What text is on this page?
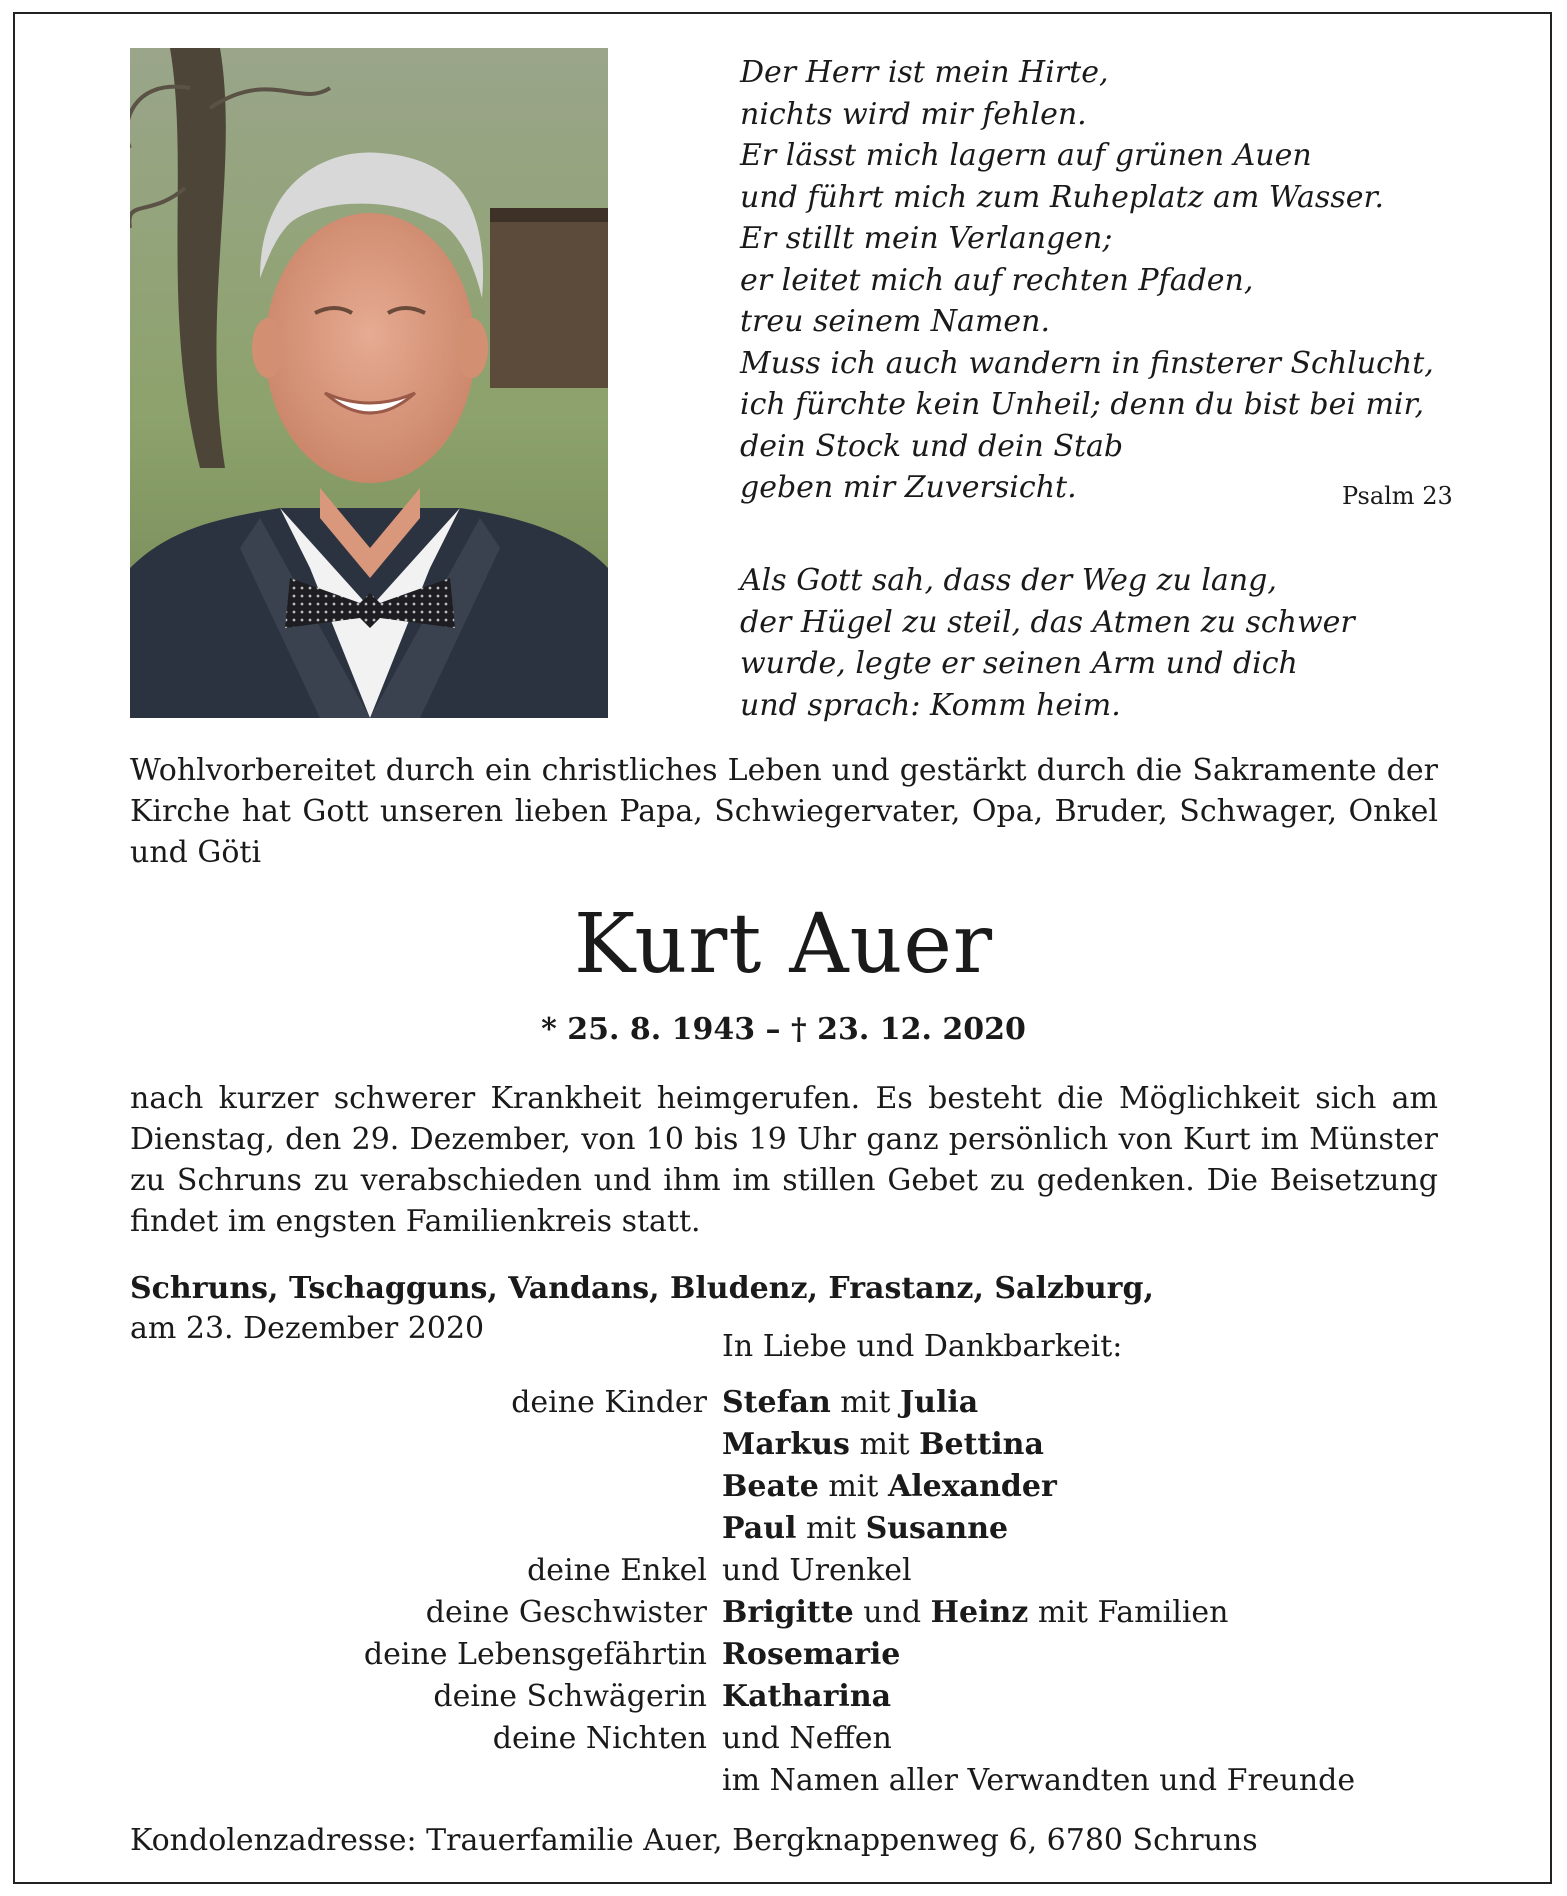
Der Herr ist mein Hirte,
nichts wird mir fehlen.
Er lässt mich lagern auf grünen Auen
und führt mich zum Ruheplatz am Wasser.
Er stillt mein Verlangen;
er leitet mich auf rechten Pfaden,
treu seinem Namen.
Muss ich auch wandern in finsterer Schlucht,
ich fürchte kein Unheil; denn du bist bei mir,
dein Stock und dein Stab
geben mir Zuversicht.	Psalm 23
Als Gott sah, dass der Weg zu lang,
der Hügel zu steil, das Atmen zu schwer
wurde, legte er seinen Arm und dich
und sprach: Komm heim.
Wohlvorbereitet durch ein christliches Leben und gestärkt durch die Sakramente der Kirche hat Gott unseren lieben Papa, Schwiegervater, Opa, Bruder, Schwager, Onkel und Göti
Kurt Auer
* 25. 8. 1943 – † 23. 12. 2020
nach kurzer schwerer Krankheit heimgerufen. Es besteht die Möglichkeit sich am Dienstag, den 29. Dezember, von 10 bis 19 Uhr ganz persönlich von Kurt im Münster zu Schruns zu verabschieden und ihm im stillen Gebet zu gedenken. Die Beisetzung findet im engsten Familienkreis statt.
Schruns, Tschagguns, Vandans, Bludenz, Frastanz, Salzburg,
am 23. Dezember 2020
In Liebe und Dankbarkeit:
deine Kinder Stefan mit Julia
Markus mit Bettina
Beate mit Alexander
Paul mit Susanne
deine Enkel und Urenkel
deine Geschwister Brigitte und Heinz mit Familien
deine Lebensgefährtin Rosemarie
deine Schwägerin Katharina
deine Nichten und Neffen
im Namen aller Verwandten und Freunde
Kondolenzadresse: Trauerfamilie Auer, Bergknappenweg 6, 6780 Schruns
